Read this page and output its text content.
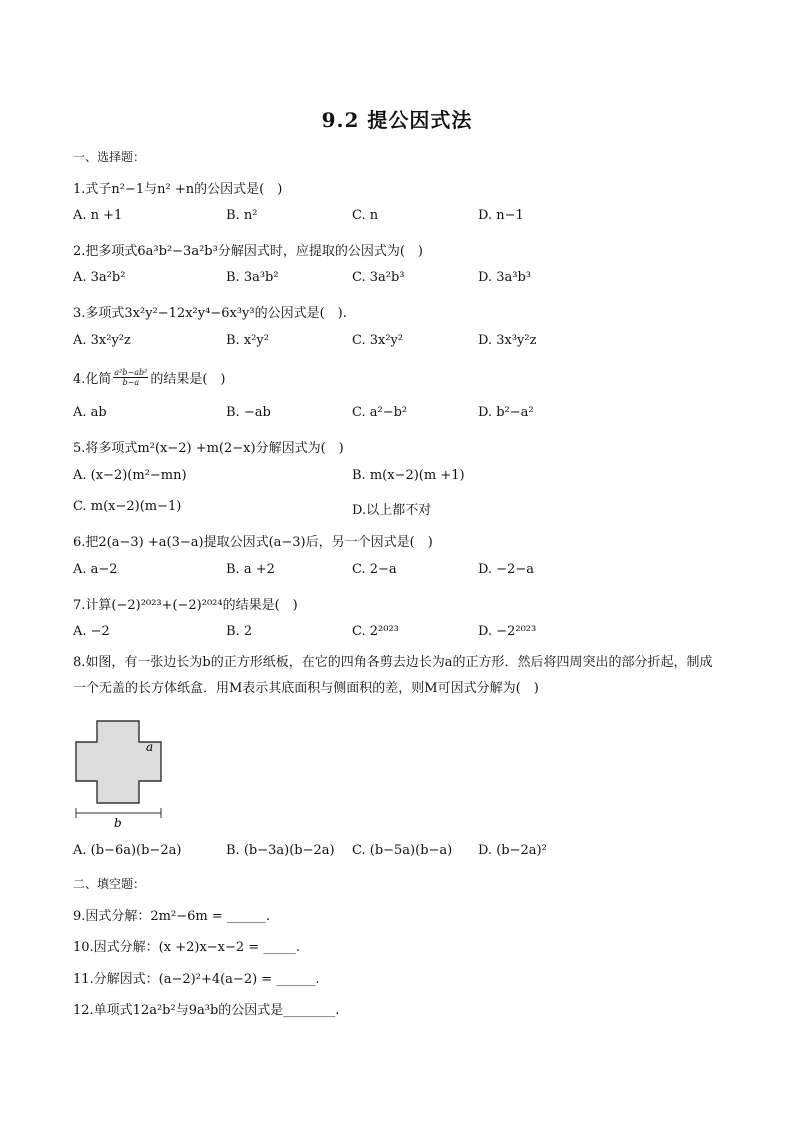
9.2 提公因式法
一、选择题：
1.式子n²−1与n² +n的公因式是(　)
A. n +1	B. n²	C. n	D. n−1
2.把多项式6a³b²−3a²b³分解因式时，应提取的公因式为(　)
A. 3a²b²	B. 3a³b²	C. 3a²b³	D. 3a³b³
3.多项式3x²y²−12x²y⁴−6x³y³的公因式是(　).
A. 3x²y²z	B. x²y²	C. 3x²y²	D. 3x³y²z
4.化简 $\frac{\text{a²b−ab²}}{b-a}$ 的结果是(　)
A. ab	B. −ab	C. a²−b²	D. b²−a²
5.将多项式m²(x−2) +m(2−x)分解因式为(　)
A. (x−2)(m²−mn)	B. m(x−2)(m +1)
C. m(x−2)(m−1)	D.以上都不对
6.把2(a−3) +a(3−a)提取公因式(a−3)后，另一个因式是(　)
A. a−2	B. a +2	C. 2−a	D. −2−a
7.计算(−2)²⁰²³+(−2)²⁰²⁴的结果是(　)
A. −2	B. 2	C. 2²⁰²³	D. −2²⁰²³
8.如图，有一张边长为b的正方形纸板，在它的四角各剪去边长为a的正方形．然后将四周突出的部分折起，制成一个无盖的长方体纸盒．用M表示其底面积与侧面积的差，则M可因式分解为(　)
a
b
A. (b−6a)(b−2a)	B. (b−3a)(b−2a) C. (b−5a)(b−a) D. (b−2a)²
二、填空题：
9.因式分解：2m²−6m = ______.
10.因式分解：(x +2)x−x−2 = _____.
11.分解因式：(a−2)²+4(a−2) = ______.
12.单项式12a²b²与9a³b的公因式是________.
